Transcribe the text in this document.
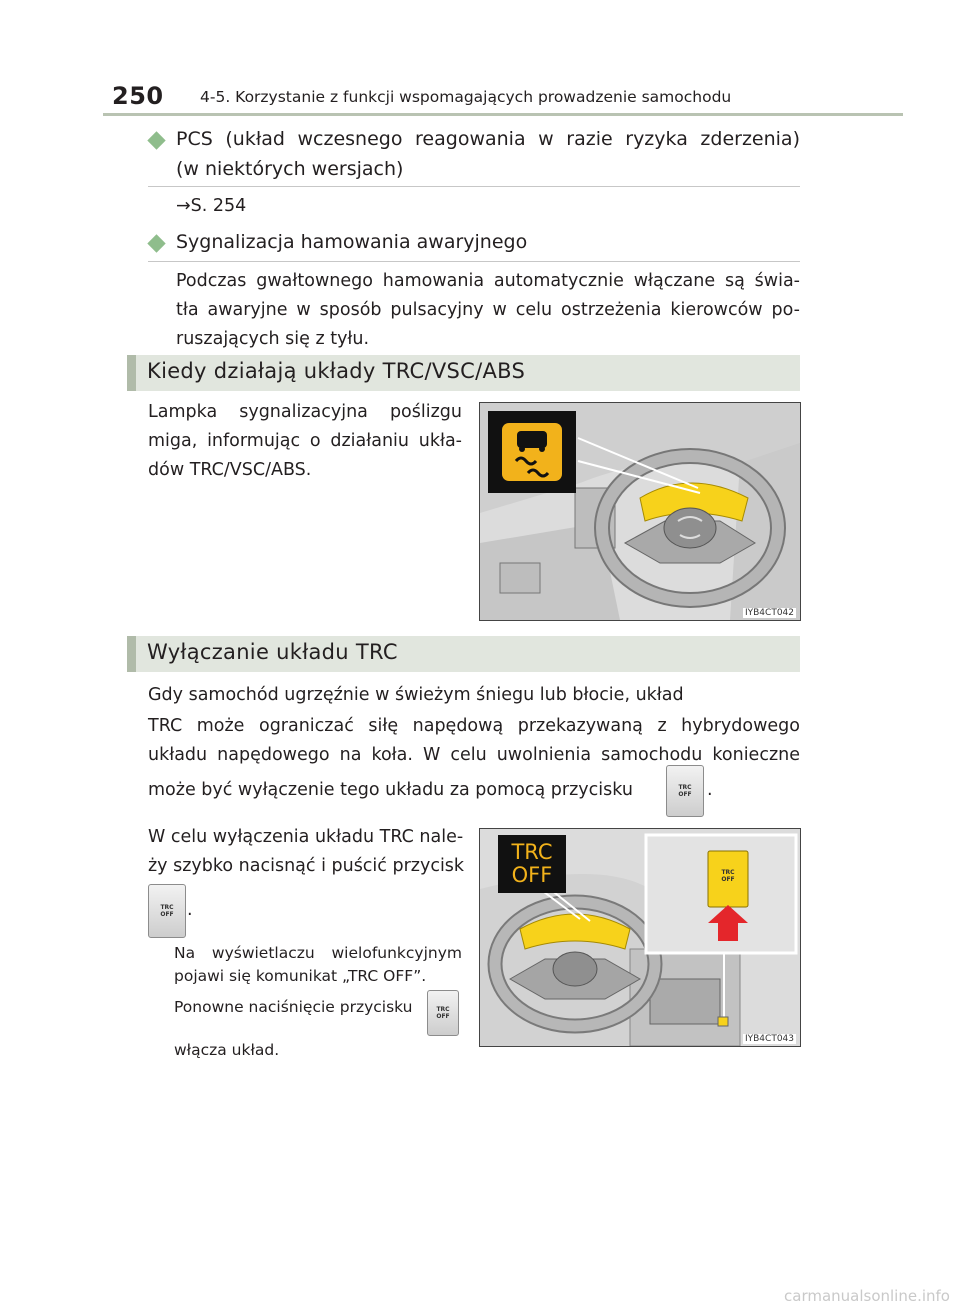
250 4-5. Korzystanie z funkcji wspomagających prowadzenie samochodu
PCS (układ wczesnego reagowania w razie ryzyka zderzenia)
(w niektórych wersjach)
→S. 254
Sygnalizacja hamowania awaryjnego
Podczas gwałtownego hamowania automatycznie włączane są świa-
tła awaryjne w sposób pulsacyjny w celu ostrzeżenia kierowców po-
ruszających się z tyłu.
Kiedy działają układy TRC/VSC/ABS
Lampka sygnalizacyjna poślizgu
miga, informując o działaniu ukła-
dów TRC/VSC/ABS.
IYB4CT042
Wyłączanie układu TRC
Gdy samochód ugrzęźnie w świeżym śniegu lub błocie, układ
TRC może ograniczać siłę napędową przekazywaną z hybrydowego
układu napędowego na koła. W celu uwolnienia samochodu konieczne
może być wyłączenie tego układu za pomocą przycisku	TRC
OFF .
W celu wyłączenia układu TRC nale-
ży szybko nacisnąć i puścić przycisk
TRC
OFF .
Na wyświetlaczu wielofunkcyjnym
pojawi się komunikat „TRC OFF”.
Ponowne naciśnięcie przycisku	TRC
OFF
włącza układ.
TRC
OFF	TRC
OFF
IYB4CT043
carmanualsonline.info
